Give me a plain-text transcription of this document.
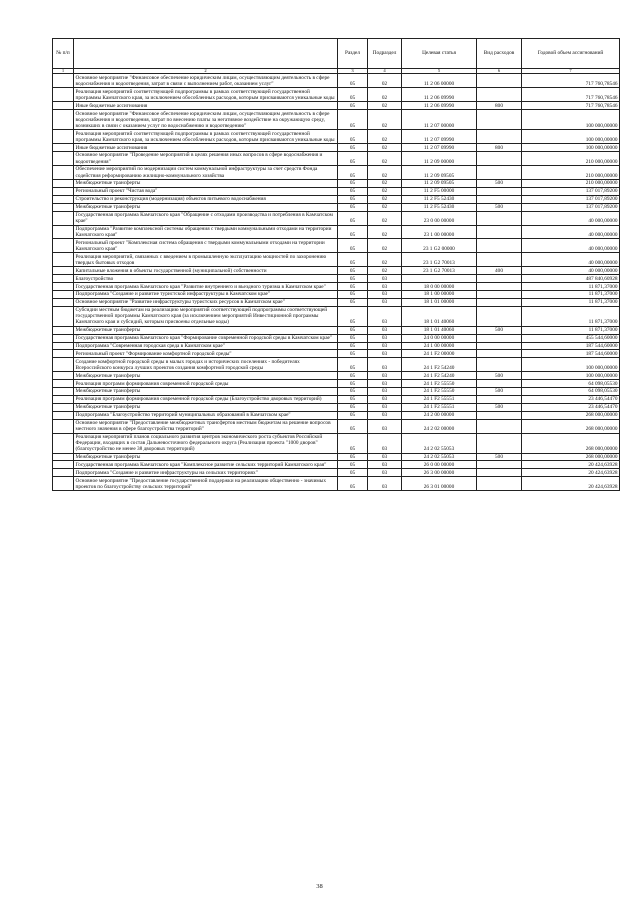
№ п/п		Раздел	Подраздел	Целевая статья	Вид расходов	Годовой объем ассигнований
1	2	3	4	5	6	7
	Основное мероприятие "Финансовое обеспечение юридическим лицам, осуществляющим деятельность в сфере водоснабжения и водоотведения, затрат в связи с выполнением работ, оказанием услуг"	05	02	11 2 06 00000		717 760,78546
	Реализация мероприятий соответствующей подпрограммы в рамках соответствующей государственной программы Камчатского края, за исключением обособленных расходов, которым присваиваются уникальные коды	05	02	11 2 06 09990		717 760,78546
	Иные бюджетные ассигнования	05	02	11 2 06 09990	800	717 760,78546
	Основное мероприятие "Финансовое обеспечение юридическим лицам, осуществляющим деятельность в сфере водоснабжения и водоотведения, затрат по внесению платы за негативное воздействие на окружающую среду, возникших в связи с оказанием услуг по водоснабжению и водоотведению"	05	02	11 2 07 00000		100 000,00000
	Реализация мероприятий соответствующей подпрограммы в рамках соответствующей государственной программы Камчатского края, за исключением обособленных расходов, которым присваиваются уникальные коды	05	02	11 2 07 09990		100 000,00000
	Иные бюджетные ассигнования	05	02	11 2 07 09990	800	100 000,00000
	Основное мероприятие "Проведение мероприятий в целях решения иных вопросов в сфере водоснабжения и водоотведения"	05	02	11 2 09 00000		210 000,00000
	Обеспечение мероприятий по модернизации систем коммунальной инфраструктуры за счет средств Фонда содействия реформированию жилищно-коммунального хозяйства	05	02	11 2 09 09505		210 000,00000
	Межбюджетные трансферты	05	02	11 2 09 09505	500	210 000,00000
	Региональный проект "Чистая вода"	05	02	11 2 F5 00000		137 017,89200
	Строительство и реконструкция (модернизация) объектов питьевого водоснабжения	05	02	11 2 F5 52430		137 017,89200
	Межбюджетные трансферты	05	02	11 2 F5 52430	500	137 017,89200
	Государственная программа Камчатского края "Обращение с отходами производства и потребления в Камчатском крае"	05	02	23 0 00 00000		40 000,00000
	Подпрограмма "Развитие комплексной системы обращения с твердыми коммунальными отходами на территории Камчатского края"	05	02	23 1 00 00000		40 000,00000
	Региональный проект "Комплексная система обращения с твердыми коммунальными отходами на территории Камчатского края"	05	02	23 1 G2 00000		40 000,00000
	Реализация мероприятий, связанных с введением в промышленную эксплуатацию мощностей по захоронению твердых бытовых отходов	05	02	23 1 G2 70013		40 000,00000
	Капитальные вложения в объекты государственной (муниципальной) собственности	05	02	23 1 G2 70013	400	40 000,00000
	Благоустройство	05	03			487 840,60928
	Государственная программа Камчатского края "Развитие внутреннего и въездного туризма в Камчатском крае"	05	03	18 0 00 00000		11 871,37000
	Подпрограмма "Создание и развитие туристской инфраструктуры в Камчатском крае"	05	03	18 1 00 00000		11 871,37000
	Основное мероприятие "Развитие инфраструктуры туристских ресурсов в Камчатском крае"	05	03	18 1 01 00000		11 871,37000
	Субсидии местным бюджетам на реализацию мероприятий соответствующей подпрограммы соответствующей государственной программы Камчатского края (за исключением мероприятий Инвестиционной программы Камчатского края и субсидий, которым присвоены отдельные коды)	05	03	18 1 01 40060		11 871,37000
	Межбюджетные трансферты	05	03	18 1 01 40060	500	11 871,37000
	Государственная программа Камчатского края "Формирование современной городской среды в Камчатском крае"	05	03	24 0 00 00000		455 544,60000
	Подпрограмма "Современная городская среда в Камчатском крае"	05	03	24 1 00 00000		187 544,60000
	Региональный проект "Формирование комфортной городской среды"	05	03	24 1 F2 00000		187 544,60000
	Создание комфортной городской среды в малых городах и исторических поселениях - победителях Всероссийского конкурса лучших проектов создания комфортной городской среды	05	03	24 1 F2 54240		100 000,00000
	Межбюджетные трансферты	05	03	24 1 F2 54240	500	100 000,00000
	Реализация программ формирования современной городской среды	05	03	24 1 F2 55550		64 098,05530
	Межбюджетные трансферты	05	03	24 1 F2 55550	500	64 098,05530
	Реализация программ формирования современной городской среды (Благоустройство дворовых территорий)	05	03	24 1 F2 55551		23 446,54470
	Межбюджетные трансферты	05	03	24 1 F2 55551	500	23 446,54470
	Подпрограмма "Благоустройство территорий муниципальных образований в Камчатском крае"	05	03	24 2 00 00000		268 000,00000
	Основное мероприятие "Предоставление межбюджетных трансфертов местным бюджетам на решение вопросов местного значения в сфере благоустройства территорий"	05	03	24 2 02 00000		268 000,00000
	Реализация мероприятий планов социального развития центров экономического роста субъектов Российской Федерации, входящих в состав Дальневосточного федерального округа (Реализация проекта "1000 дворов" (благоустройство не менее 38 дворовых территорий)	05	03	24 2 02 55053		268 000,00000
	Межбюджетные трансферты	05	03	24 2 02 55053	500	268 000,00000
	Государственная программа Камчатского края "Комплексное развитие сельских территорий Камчатского края"	05	03	26 0 00 00000		20 424,63928
	Подпрограмма "Создание и развитие инфраструктуры на сельских территориях"	05	03	26 3 00 00000		20 424,63928
	Основное мероприятие "Предоставление государственной поддержки на реализацию общественно - значимых проектов по благоустройству сельских территорий"	05	03	26 3 01 00000		20 424,63928
38
